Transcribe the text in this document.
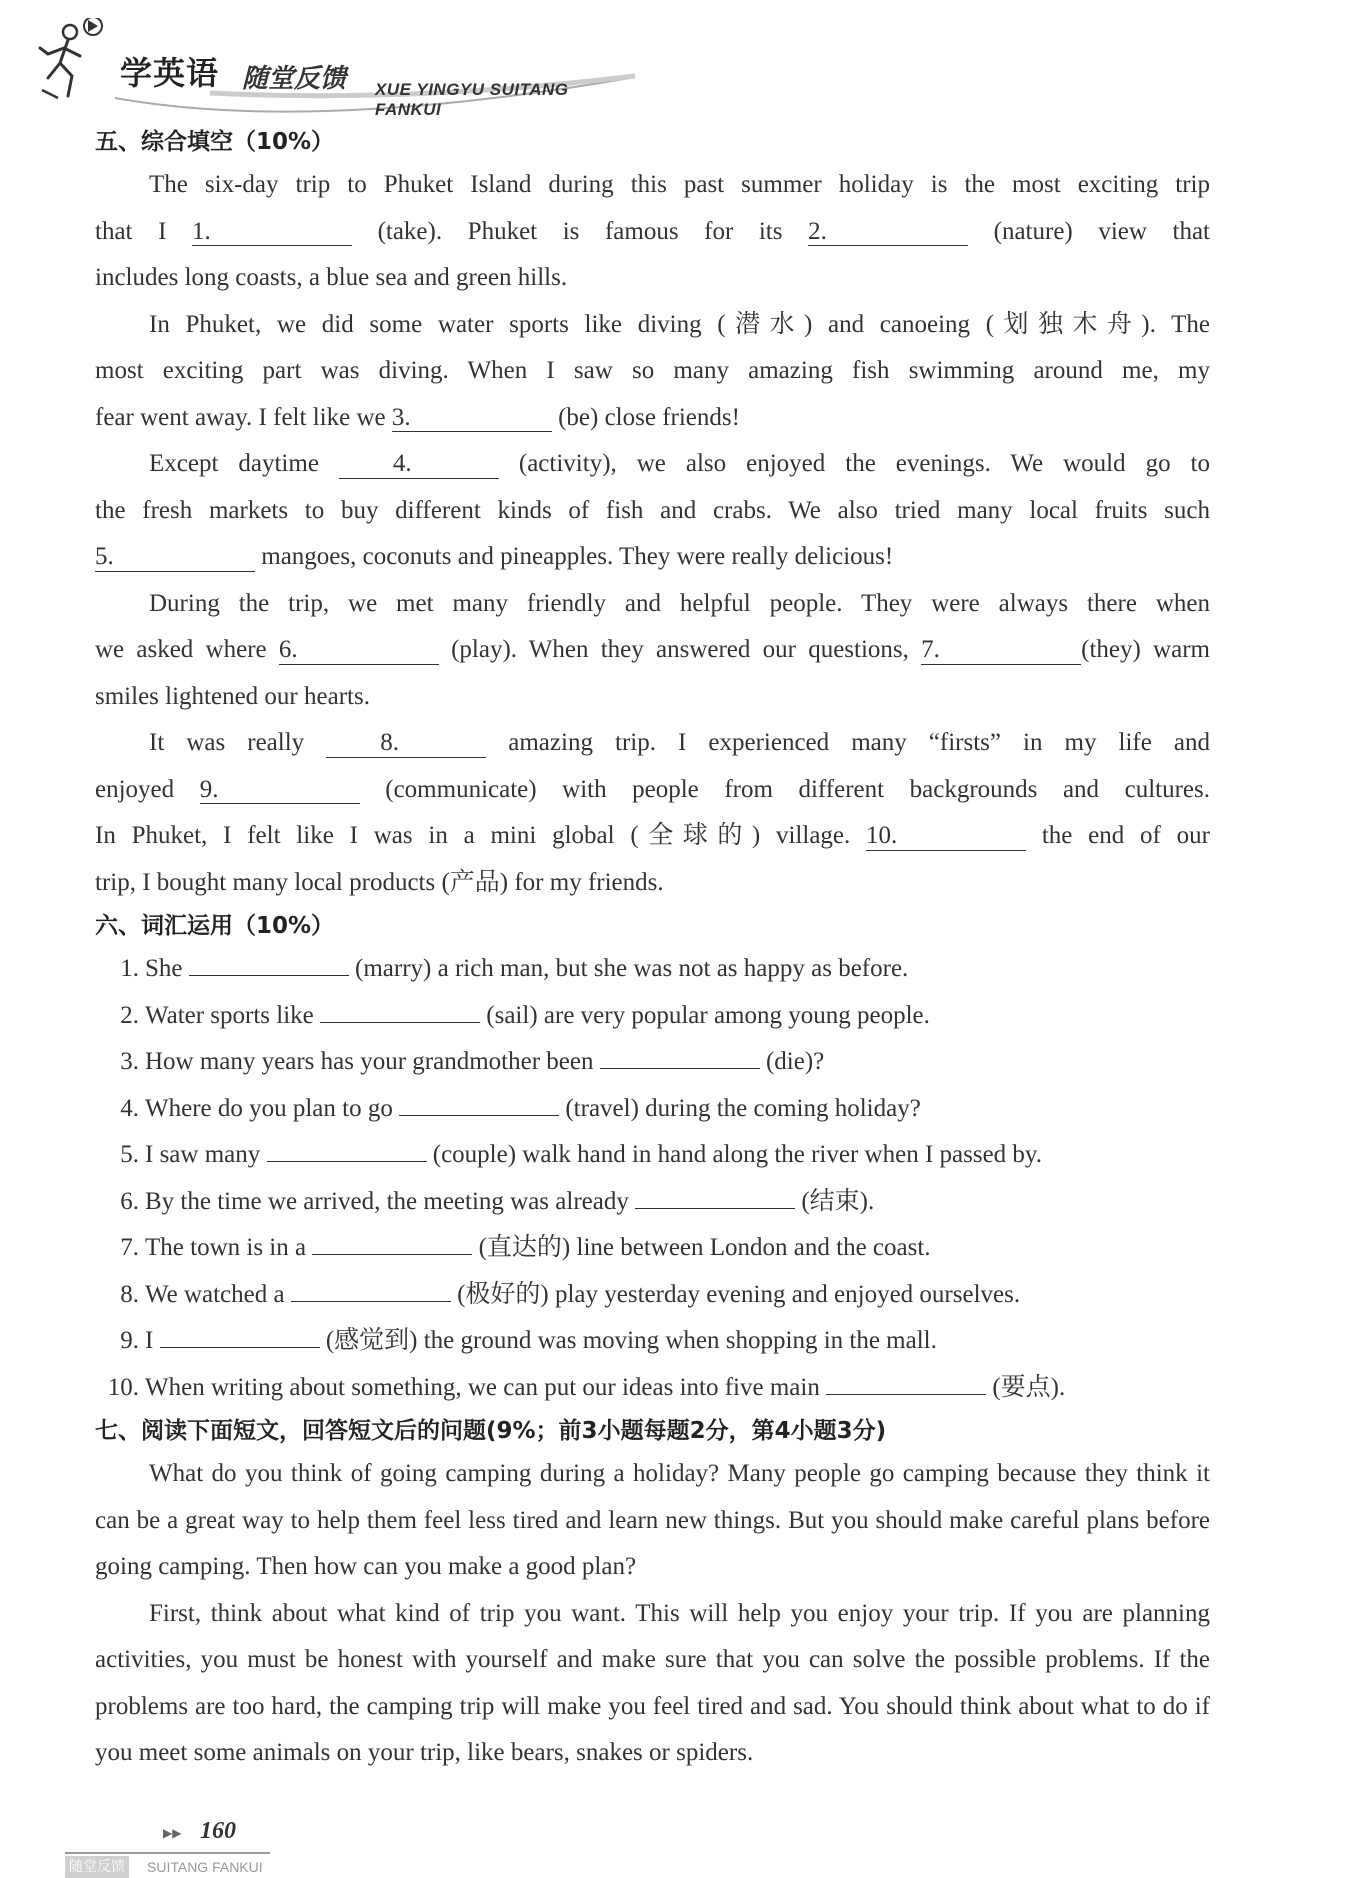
学英语 随堂反馈 XUE YINGYU SUITANG FANKUI
五、综合填空（10%）

The six-day trip to Phuket Island during this past summer holiday is the most exciting trip

that I 1.	(take). Phuket is famous for its 2.	(nature) view that

includes long coasts, a blue sea and green hills.

In Phuket, we did some water sports like diving (潜水) and canoeing (划独木舟). The

most exciting part was diving. When I saw so many amazing fish swimming around me, my

fear went away. I felt like we 3.	(be) close friends!

Except daytime 4.	(activity), we also enjoyed the evenings. We would go to

the fresh markets to buy different kinds of fish and crabs. We also tried many local fruits such

5.	mangoes, coconuts and pineapples. They were really delicious!

During the trip, we met many friendly and helpful people. They were always there when

we asked where 6.	(play). When they answered our questions, 7.	(they) warm smiles lightened our hearts.

It was really 8.	amazing trip. I experienced many “firsts” in my life and

enjoyed 9.	(communicate) with people from different backgrounds and cultures.

In Phuket, I felt like I was in a mini global (全球的) village. 10.	the end of our

trip, I bought many local products (产品) for my friends.

六、词汇运用（10%）
1. She	(marry) a rich man, but she was not as happy as before.
2. Water sports like	(sail) are very popular among young people.
3. How many years has your grandmother been	(die)?
4. Where do you plan to go	(travel) during the coming holiday?
5. I saw many	(couple) walk hand in hand along the river when I passed by.
6. By the time we arrived, the meeting was already	(结束).
7. The town is in a	(直达的) line between London and the coast.
8. We watched a	(极好的) play yesterday evening and enjoyed ourselves.
9. I	(感觉到) the ground was moving when shopping in the mall.
10. When writing about something, we can put our ideas into five main	(要点).
七、阅读下面短文，回答短文后的问题(9%；前3小题每题2分，第4小题3分)

What do you think of going camping during a holiday? Many people go camping because they think it can be a great way to help them feel less tired and learn new things. But you should make careful plans before going camping. Then how can you make a good plan?

First, think about what kind of trip you want. This will help you enjoy your trip. If you are planning activities, you must be honest with yourself and make sure that you can solve the possible problems. If the problems are too hard, the camping trip will make you feel tired and sad. You should think about what to do if you meet some animals on your trip, like bears, snakes or spiders.

▶▶ 160
随堂反馈 SUITANG FANKUI
